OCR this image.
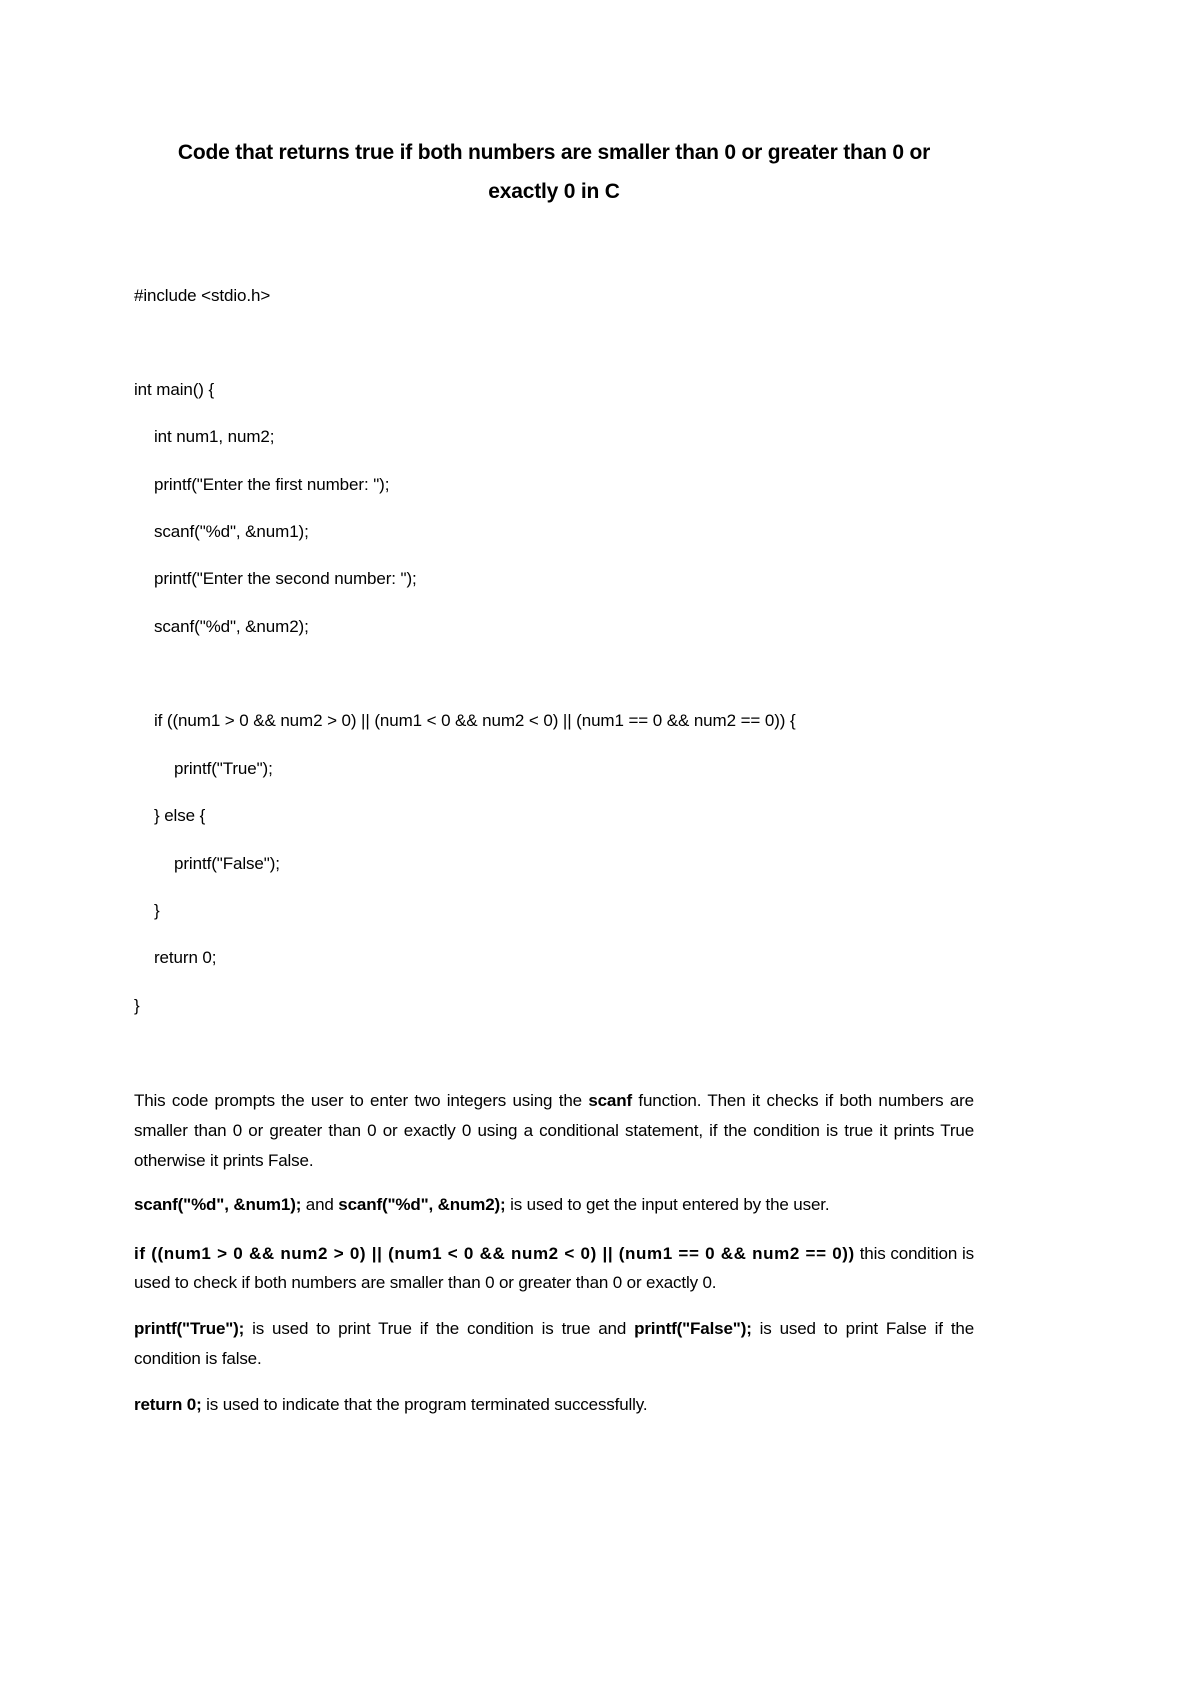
Code that returns true if both numbers are smaller than 0 or greater than 0 or
exactly 0 in C
#include <stdio.h>
int main() {
int num1, num2;
printf("Enter the first number: ");
scanf("%d", &num1);
printf("Enter the second number: ");
scanf("%d", &num2);
if ((num1 > 0 && num2 > 0) || (num1 < 0 && num2 < 0) || (num1 == 0 && num2 == 0)) {
printf("True");
} else {
printf("False");
}
return 0;
}

This code prompts the user to enter two integers using the scanf function. Then it checks if both numbers are smaller than 0 or greater than 0 or exactly 0 using a conditional statement, if the condition is true it prints True otherwise it prints False.

scanf("%d", &num1); and scanf("%d", &num2); is used to get the input entered by the user.

if ((num1 > 0 && num2 > 0) || (num1 < 0 && num2 < 0) || (num1 == 0 && num2 == 0)) this condition is used to check if both numbers are smaller than 0 or greater than 0 or exactly 0.

printf("True"); is used to print True if the condition is true and printf("False"); is used to print False if the condition is false.

return 0; is used to indicate that the program terminated successfully.
